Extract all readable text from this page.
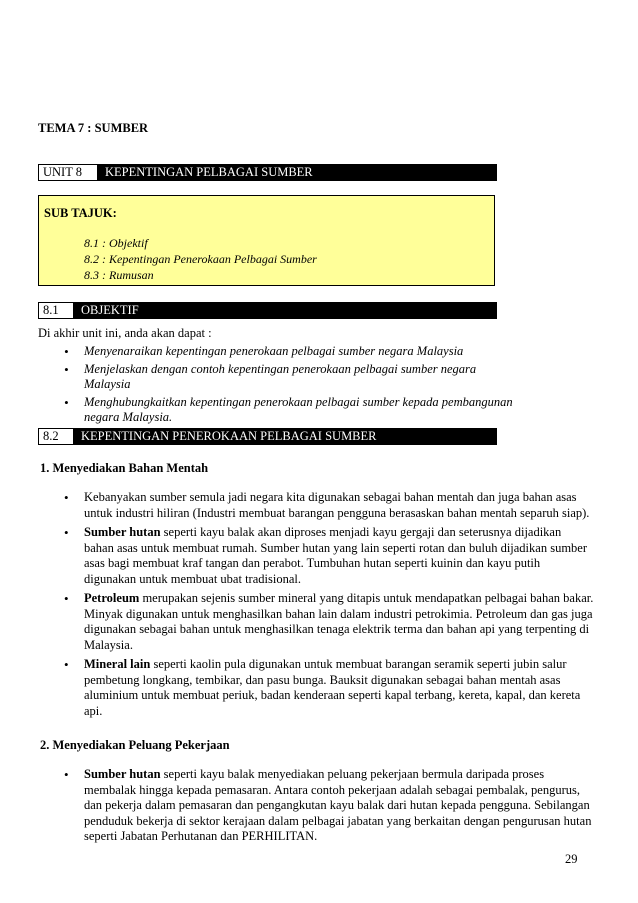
TEMA 7 : SUMBER
UNIT 8	KEPENTINGAN PELBAGAI SUMBER
SUB TAJUK:
8.1 : Objektif
8.2 : Kepentingan Penerokaan Pelbagai Sumber
8.3 : Rumusan
8.1	OBJEKTIF
Di akhir unit ini, anda akan dapat :
• Menyenaraikan kepentingan penerokaan pelbagai sumber negara Malaysia
• Menjelaskan dengan contoh kepentingan penerokaan pelbagai sumber negara Malaysia
• Menghubungkaitkan kepentingan penerokaan pelbagai sumber kepada pembangunan negara Malaysia.
8.2	KEPENTINGAN PENEROKAAN PELBAGAI SUMBER
1. Menyediakan Bahan Mentah
• Kebanyakan sumber semula jadi negara kita digunakan sebagai bahan mentah dan juga bahan asas untuk industri hiliran (Industri membuat barangan pengguna berasaskan bahan mentah separuh siap).
• Sumber hutan seperti kayu balak akan diproses menjadi kayu gergaji dan seterusnya dijadikan bahan asas untuk membuat rumah. Sumber hutan yang lain seperti rotan dan buluh dijadikan sumber asas bagi membuat kraf tangan dan perabot. Tumbuhan hutan seperti kuinin dan kayu putih digunakan untuk membuat ubat tradisional.
• Petroleum merupakan sejenis sumber mineral yang ditapis untuk mendapatkan pelbagai bahan bakar. Minyak digunakan untuk menghasilkan bahan lain dalam industri petrokimia. Petroleum dan gas juga digunakan sebagai bahan untuk menghasilkan tenaga elektrik terma dan bahan api yang terpenting di Malaysia.
• Mineral lain seperti kaolin pula digunakan untuk membuat barangan seramik seperti jubin salur pembetung longkang, tembikar, dan pasu bunga. Bauksit digunakan sebagai bahan mentah asas aluminium untuk membuat periuk, badan kenderaan seperti kapal terbang, kereta, kapal, dan kereta api.
2. Menyediakan Peluang Pekerjaan
• Sumber hutan seperti kayu balak menyediakan peluang pekerjaan bermula daripada proses membalak hingga kepada pemasaran. Antara contoh pekerjaan adalah sebagai pembalak, pengurus, dan pekerja dalam pemasaran dan pengangkutan kayu balak dari hutan kepada pengguna. Sebilangan penduduk bekerja di sektor kerajaan dalam pelbagai jabatan yang berkaitan dengan pengurusan hutan seperti Jabatan Perhutanan dan PERHILITAN.
29
